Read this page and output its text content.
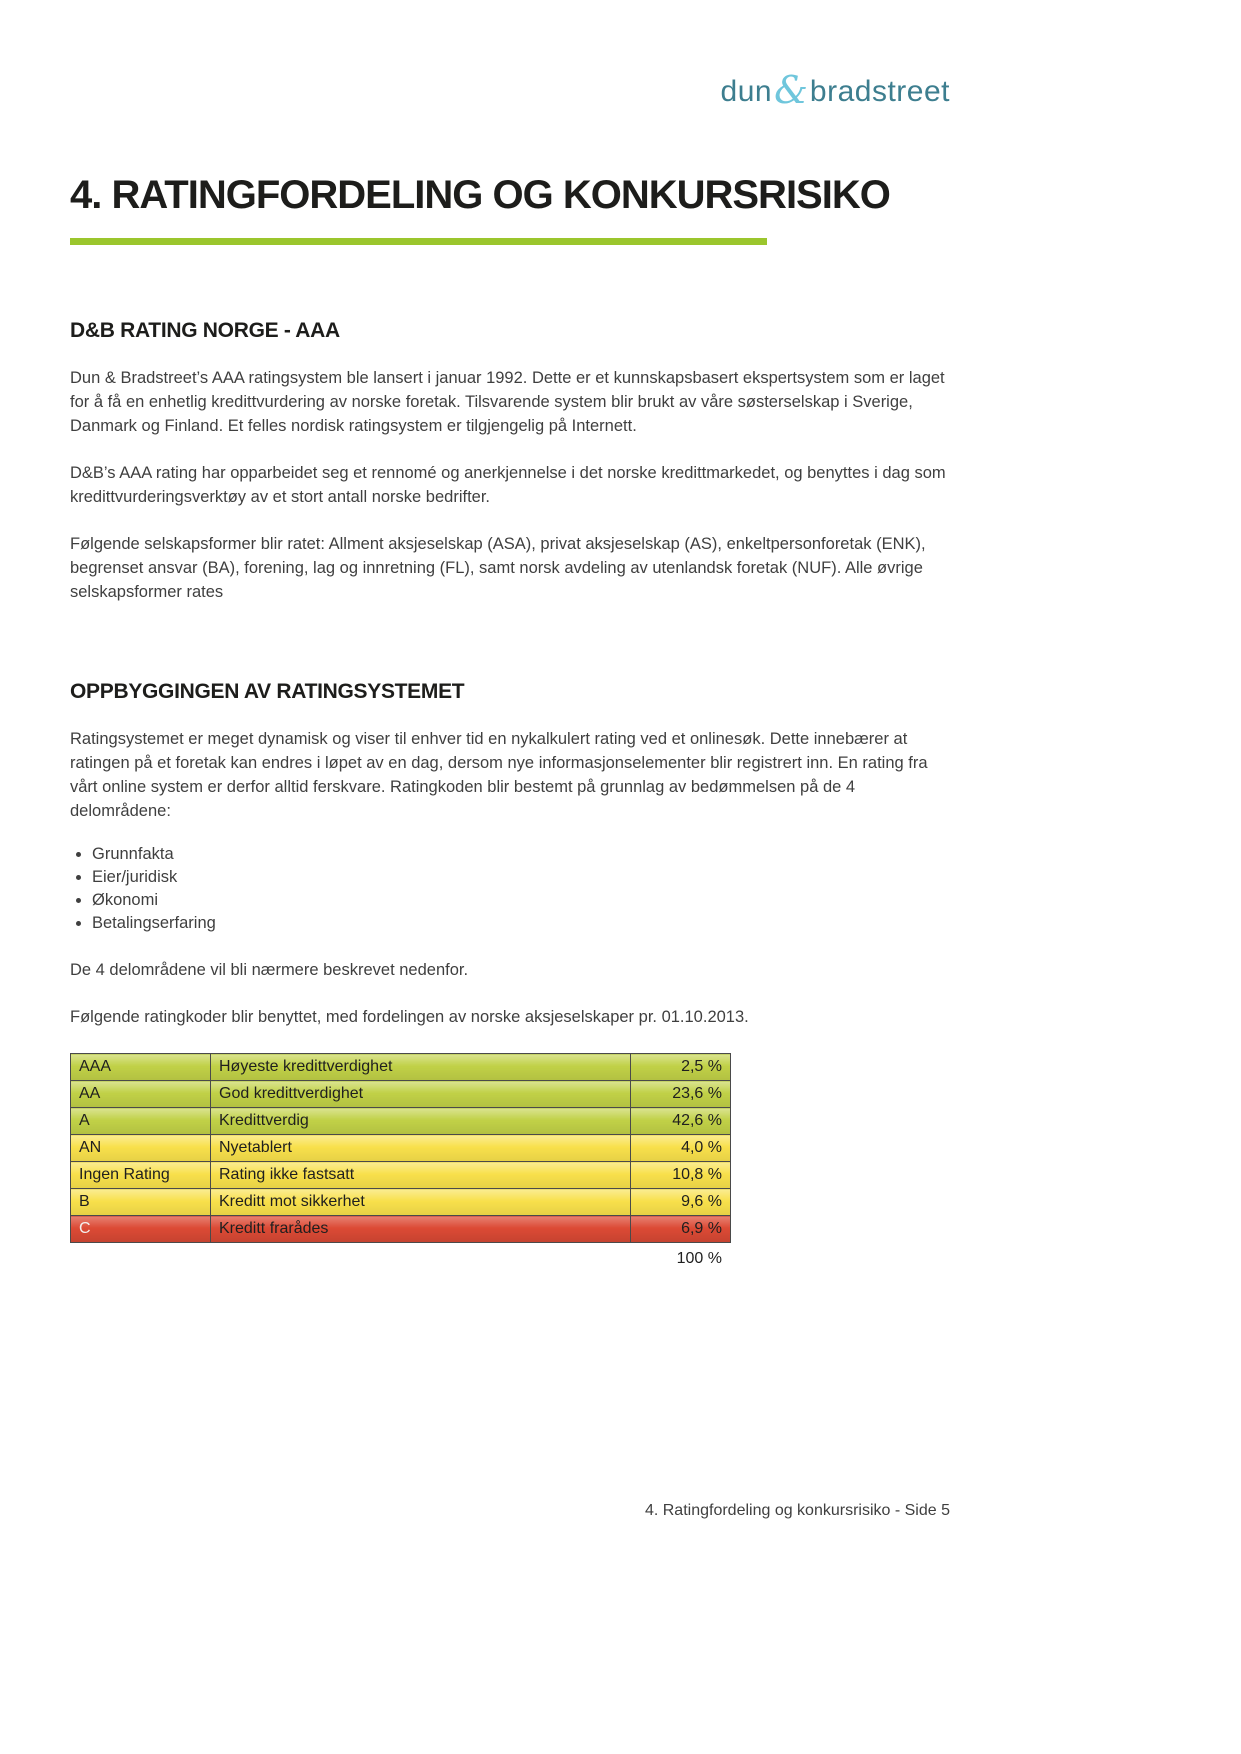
dun&bradstreet
4. RATINGFORDELING OG KONKURSRISIKO
D&B RATING NORGE - AAA

Dun & Bradstreet’s AAA ratingsystem ble lansert i januar 1992. Dette er et kunnskapsbasert ekspertsystem som er laget for å få en enhetlig kredittvurdering av norske foretak. Tilsvarende system blir brukt av våre søsterselskap i Sverige, Danmark og Finland. Et felles nordisk ratingsystem er tilgjengelig på Internett.

D&B’s AAA rating har opparbeidet seg et rennomé og anerkjennelse i det norske kredittmarkedet, og benyttes i dag som kredittvurderingsverktøy av et stort antall norske bedrifter.

Følgende selskapsformer blir ratet: Allment aksjeselskap (ASA), privat aksjeselskap (AS), enkeltpersonforetak (ENK), begrenset ansvar (BA), forening, lag og innretning (FL), samt norsk avdeling av utenlandsk foretak (NUF). Alle øvrige selskapsformer rates

OPPBYGGINGEN AV RATINGSYSTEMET

Ratingsystemet er meget dynamisk og viser til enhver tid en nykalkulert rating ved et onlinesøk. Dette innebærer at ratingen på et foretak kan endres i løpet av en dag, dersom nye informasjonselementer blir registrert inn. En rating fra vårt online system er derfor alltid ferskvare. Ratingkoden blir bestemt på grunnlag av bedømmelsen på de 4 delområdene:

• Grunnfakta
• Eier/juridisk
• Økonomi
• Betalingserfaring

De 4 delområdene vil bli nærmere beskrevet nedenfor.

Følgende ratingkoder blir benyttet, med fordelingen av norske aksjeselskaper pr. 01.10.2013.

AAA	Høyeste kredittverdighet	2,5 %
AA	God kredittverdighet	23,6 %
A	Kredittverdig	42,6 %
AN	Nyetablert	4,0 %
Ingen Rating	Rating ikke fastsatt	10,8 %
B	Kreditt mot sikkerhet	9,6 %
C	Kreditt frarådes	6,9 %
100 %
4. Ratingfordeling og konkursrisiko - Side 5
